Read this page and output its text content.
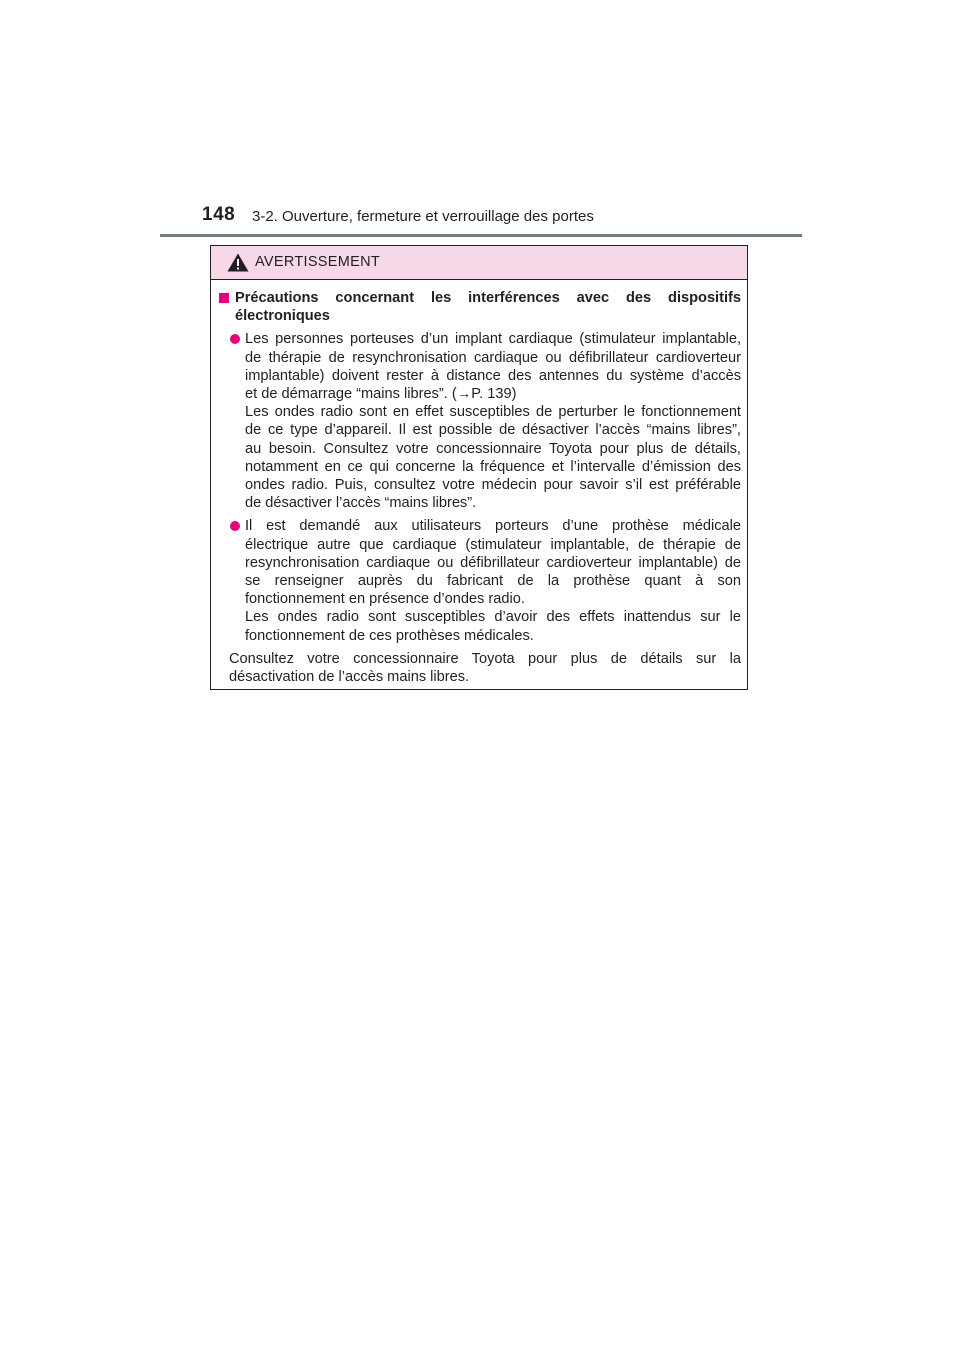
148 3-2. Ouverture, fermeture et verrouillage des portes
AVERTISSEMENT
Précautions concernant les interférences avec des dispositifs
électroniques
Les personnes porteuses d’un implant cardiaque (stimulateur implantable,
de thérapie de resynchronisation cardiaque ou défibrillateur cardioverteur
implantable) doivent rester à distance des antennes du système d’accès
et de démarrage “mains libres”. (→P. 139)
Les ondes radio sont en effet susceptibles de perturber le fonctionnement
de ce type d’appareil. Il est possible de désactiver l’accès “mains libres”,
au besoin. Consultez votre concessionnaire Toyota pour plus de détails,
notamment en ce qui concerne la fréquence et l’intervalle d’émission des
ondes radio. Puis, consultez votre médecin pour savoir s’il est préférable
de désactiver l’accès “mains libres”.
Il est demandé aux utilisateurs porteurs d’une prothèse médicale
électrique autre que cardiaque (stimulateur implantable, de thérapie de
resynchronisation cardiaque ou défibrillateur cardioverteur implantable) de
se renseigner auprès du fabricant de la prothèse quant à son
fonctionnement en présence d’ondes radio.
Les ondes radio sont susceptibles d’avoir des effets inattendus sur le
fonctionnement de ces prothèses médicales.
Consultez votre concessionnaire Toyota pour plus de détails sur la
désactivation de l’accès mains libres.
